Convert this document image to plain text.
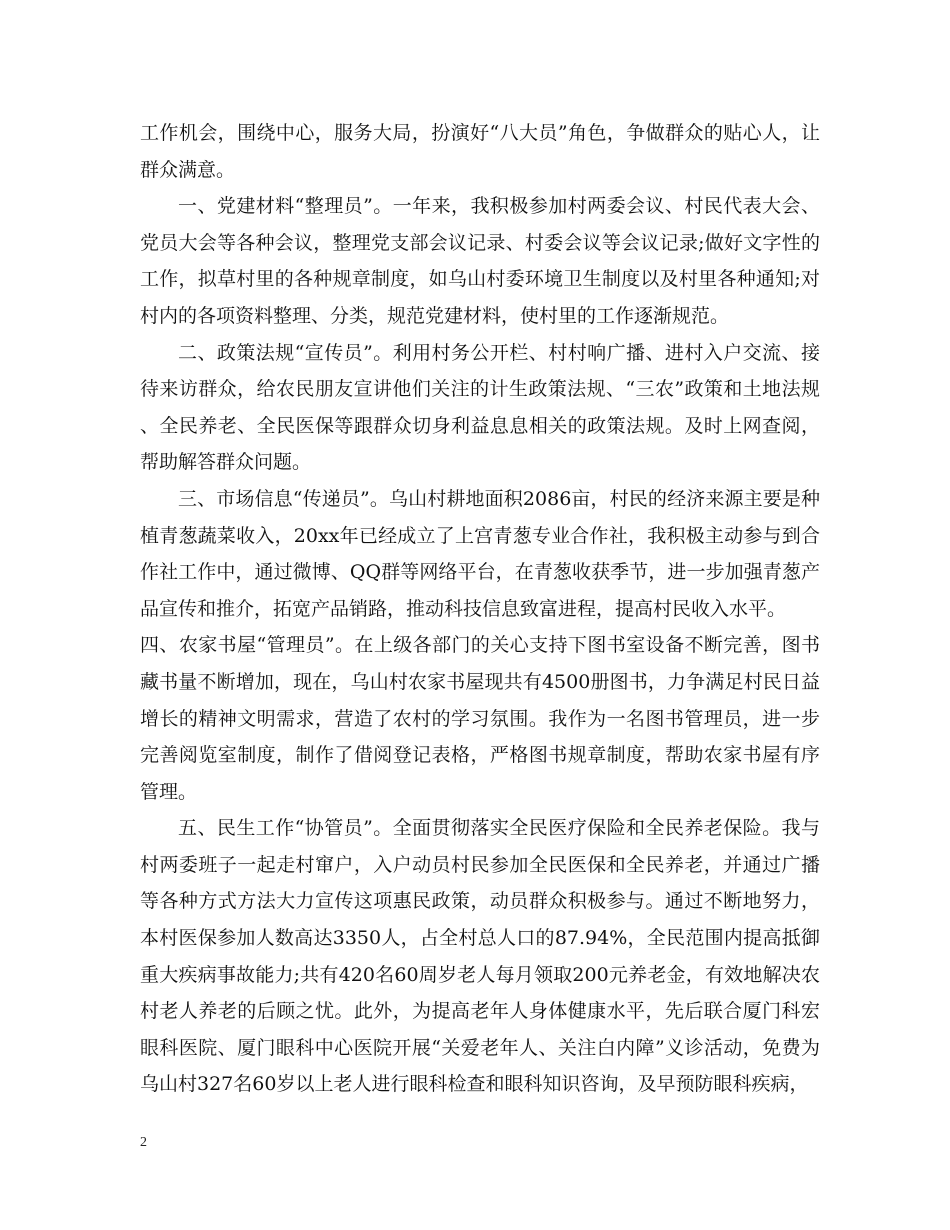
工作机会，围绕中心，服务大局，扮演好“八大员”角色，争做群众的贴心人，让群众满意。

一、党建材料“整理员”。一年来，我积极参加村两委会议、村民代表大会、党员大会等各种会议，整理党支部会议记录、村委会议等会议记录;做好文字性的工作，拟草村里的各种规章制度，如乌山村委环境卫生制度以及村里各种通知;对村内的各项资料整理、分类，规范党建材料，使村里的工作逐渐规范。

二、政策法规“宣传员”。利用村务公开栏、村村响广播、进村入户交流、接待来访群众，给农民朋友宣讲他们关注的计生政策法规、“三农”政策和土地法规、全民养老、全民医保等跟群众切身利益息息相关的政策法规。及时上网查阅，帮助解答群众问题。

三、市场信息“传递员”。乌山村耕地面积2086亩，村民的经济来源主要是种植青葱蔬菜收入，20xx年已经成立了上宫青葱专业合作社，我积极主动参与到合作社工作中，通过微博、QQ群等网络平台，在青葱收获季节，进一步加强青葱产品宣传和推介，拓宽产品销路，推动科技信息致富进程，提高村民收入水平。

四、农家书屋“管理员”。在上级各部门的关心支持下图书室设备不断完善，图书藏书量不断增加，现在，乌山村农家书屋现共有4500册图书，力争满足村民日益增长的精神文明需求，营造了农村的学习氛围。我作为一名图书管理员，进一步完善阅览室制度，制作了借阅登记表格，严格图书规章制度，帮助农家书屋有序管理。

五、民生工作“协管员”。全面贯彻落实全民医疗保险和全民养老保险。我与村两委班子一起走村窜户，入户动员村民参加全民医保和全民养老，并通过广播等各种方式方法大力宣传这项惠民政策，动员群众积极参与。通过不断地努力，本村医保参加人数高达3350人，占全村总人口的87.94%，全民范围内提高抵御重大疾病事故能力;共有420名60周岁老人每月领取200元养老金，有效地解决农村老人养老的后顾之忧。此外，为提高老年人身体健康水平，先后联合厦门科宏眼科医院、厦门眼科中心医院开展“关爱老年人、关注白内障”义诊活动，免费为乌山村327名60岁以上老人进行眼科检查和眼科知识咨询，及早预防眼科疾病，

2
